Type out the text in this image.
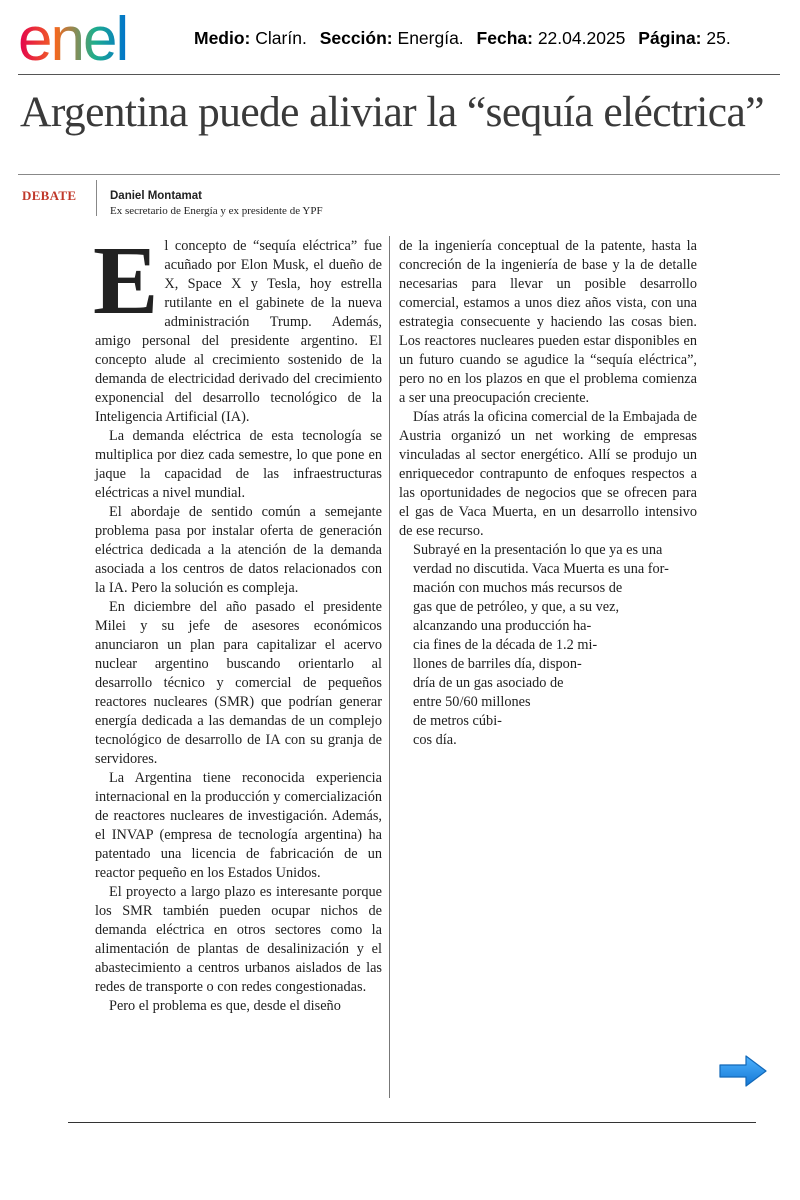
enel	Medio: Clarín. Sección: Energía. Fecha: 22.04.2025 Página: 25.
Argentina puede aliviar la “sequía eléctrica”
DEBATE	Daniel Montamat
Ex secretario de Energía y ex presidente de YPF

El concepto de “sequía eléctrica” fue acuñado por Elon Musk, el dueño de X, Space X y Tesla, hoy estrella rutilante en el gabinete de la nueva administración Trump. Además, amigo personal del presidente argentino. El concepto alude al crecimiento sostenido de la demanda de electricidad derivado del crecimiento exponencial del desarrollo tecnológico de la Inteligencia Artificial (IA).

La demanda eléctrica de esta tecnología se multiplica por diez cada semestre, lo que pone en jaque la capacidad de las infraestructuras eléctricas a nivel mundial.

El abordaje de sentido común a semejante problema pasa por instalar oferta de generación eléctrica dedicada a la atención de la demanda asociada a los centros de datos relacionados con la IA. Pero la solución es compleja.

En diciembre del año pasado el presidente Milei y su jefe de asesores económicos anunciaron un plan para capitalizar el acervo nuclear argentino buscando orientarlo al desarrollo técnico y comercial de pequeños reactores nucleares (SMR) que podrían generar energía dedicada a las demandas de un complejo tecnológico de desarrollo de IA con su granja de servidores.

La Argentina tiene reconocida experiencia internacional en la producción y comercialización de reactores nucleares de investigación. Además, el INVAP (empresa de tecnología argentina) ha patentado una licencia de fabricación de un reactor pequeño en los Estados Unidos.

El proyecto a largo plazo es interesante porque los SMR también pueden ocupar nichos de demanda eléctrica en otros sectores como la alimentación de plantas de desalinización y el abastecimiento a centros urbanos aislados de las redes de transporte o con redes congestionadas.

Pero el problema es que, desde el diseño

de la ingeniería conceptual de la patente, hasta la concreción de la ingeniería de base y la de detalle necesarias para llevar un posible desarrollo comercial, estamos a unos diez años vista, con una estrategia consecuente y haciendo las cosas bien. Los reactores nucleares pueden estar disponibles en un futuro cuando se agudice la “sequía eléctrica”, pero no en los plazos en que el problema comienza a ser una preocupación creciente.

Días atrás la oficina comercial de la Embajada de Austria organizó un net working de empresas vinculadas al sector energético. Allí se produjo un enriquecedor contrapunto de enfoques respectos a las oportunidades de negocios que se ofrecen para el gas de Vaca Muerta, en un desarrollo intensivo de ese recurso.

Subrayé en la presentación lo que ya es una

verdad no discutida. Vaca Muerta es una for-

mación con muchos más recursos de

gas que de petróleo, y que, a su vez,

alcanzando una producción ha-

cia fines de la década de 1.2 mi-

llones de barriles día, dispon-

dría de un gas asociado de

entre 50/60 millones

de metros cúbi-

cos día.
